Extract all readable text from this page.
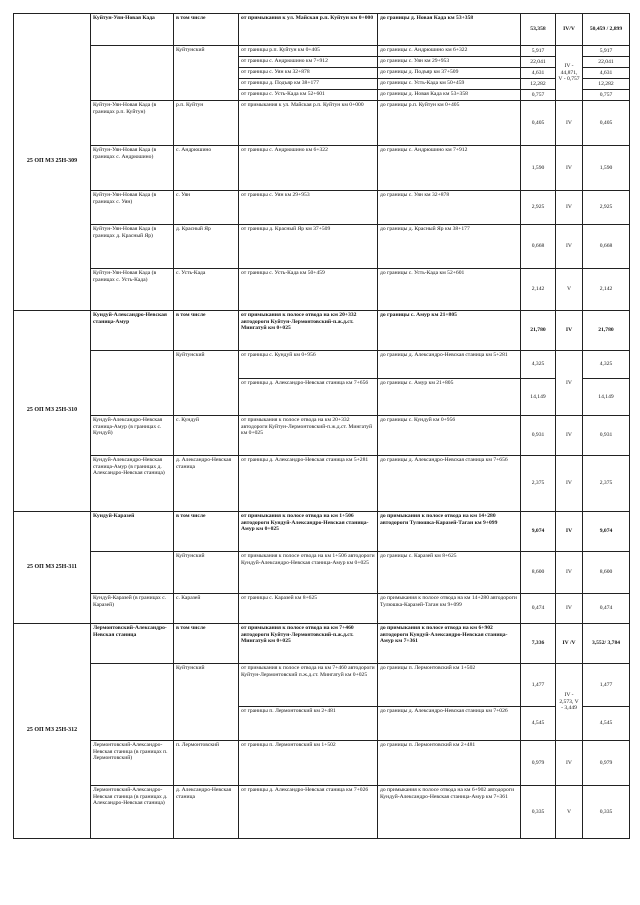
25 ОП МЗ 25Н-309	Куйтун-Уян-Новая Када	в том числе	от примыкания к ул. Майская р.п. Куйтун км 0+000	до границы д. Новая Када км 53+358	53,358	IV/V	50,459 / 2,899
		Куйтунский	от границы р.п. Куйтун км 0+405	до границы с. Андрюшино км 6+322	5,917	IV - 44,871, V - 0,757	5,917
			от границы с. Андрюшино км 7+912	до границы с. Уян км 29+953	22,041		22,041
			от границы с. Уян км 32+878	до границы д. Подъяр км 37+509	4,631		4,631
			от границы д. Подъяр км 38+177	до границы с. Усть-Када км 50+459	12,282		12,282
			от границы с. Усть-Када км 52+601	до границы д. Новая Када км 53+358	0,757		0,757
	Куйтун-Уян-Новая Када (в границах р.п. Куйтун)	р.п. Куйтун	от примыкания к ул. Майская р.п. Куйтун км 0+000	до границы р.п. Куйтун км 0+405	0,405	IV	0,405
	Куйтун-Уян-Новая Када (в границах с. Андрюшино)	с. Андрюшино	от границы с. Андрюшино км 6+322	до границы с. Андрюшино км 7+912	1,590	IV	1,590
	Куйтун-Уян-Новая Када (в границах с. Уян)	с. Уян	от границы с. Уян км 29+953	до границы с. Уян км 32+878	2,925	IV	2,925
	Куйтун-Уян-Новая Када (в границах д. Красный Яр)	д. Красный Яр	от границы д. Красный Яр км 37+509	до границы д. Красный Яр км 38+177	0,668	IV	0,668
	Куйтун-Уян-Новая Када (в границах с. Усть-Када)	с. Усть-Када	от границы с. Усть-Када км 50+459	до границы с. Усть-Када км 52+601	2,142	V	2,142
25 ОП МЗ 25Н-310	Кундуй-Александро-Невская станица-Амур	в том числе	от примыкания к полосе отвода на км 20+332 автодороги Куйтун-Лермонтовский-п.ж.д.ст. Мингатуй км 0+025	до границы с. Амур км 21+805	21,780	IV	21,780
		Куйтунский	от границы с. Кундуй км 0+956	до границы д. Александро-Невская станица км 5+281	4,325	IV	4,325
			от границы д. Александро-Невская станица км 7+656	до границы с. Амур км 21+805	14,149		14,149
	Кундуй-Александро-Невская станица-Амур (в границах с. Кундуй)	с. Кундуй	от примыкания к полосе отвода на км 20+332 автодороги Куйтун-Лермонтовский-п.ж.д.ст. Мингатуй км 0+025	до границы с. Кундуй км 0+956	0,931	IV	0,931
	Кундуй-Александро-Невская станица-Амур (в границах д. Александро-Невская станица)	д. Александро-Невская станица	от границы д. Александро-Невская станица км 5+281	до границы д. Александро-Невская станица км 7+656	2,375	IV	2,375
25 ОП МЗ 25Н-311	Кундуй-Каразей	в том числе	от примыкания к полосе отвода на км 1+506 автодороги Кундуй-Александро-Невская станица-Амур км 0+025	до примыкания к полосе отвода на км 14+280 автодороги Тулюшка-Каразей-Таган км 9+099	9,074	IV	9,074
		Куйтунский	от примыкания к полосе отвода на км 1+506 автодороги Кундуй-Александро-Невская станица-Амур км 0+025	до границы с. Каразей км 8+625	8,600	IV	8,600
	Кундуй-Каразей (в границах с. Каразей)	с. Каразей	от границы с. Каразей км 8+625	до примыкания к полосе отвода на км 14+280 автодороги Тулюшка-Каразей-Таган км 9+099	0,474	IV	0,474
25 ОП МЗ 25Н-312	Лермонтовский-Александро-Невская станица	в том числе	от примыкания к полосе отвода на км 7+460 автодороги Куйтун-Лермонтовский-п.ж.д.ст. Мингатуй км 0+025	до примыкания к полосе отвода на км 6+902 автодороги Кундуй-Александро-Невская станица-Амур км 7+361	7,336	IV /V	3,552/ 3,784
		Куйтунский	от примыкания к полосе отвода на км 7+460 автодороги Куйтун-Лермонтовский п.ж.д.ст. Мингатуй км 0+025	до границы п. Лермонтовский км 1+502	1,477	IV - 2,573, V - 3,449	1,477
			от границы п. Лермонтовский км 2+481	до границы д. Александро-Невская станица км 7+026	4,545		4,545
	Лермонтовский-Александро-Невская станица (в границах п. Лермонтовский)	п. Лермонтовский	от границы п. Лермонтовский км 1+502	до границы п. Лермонтовский км 2+481	0,979	IV	0,979
	Лермонтовский-Александро-Невская станица (в границах д. Александро-Невская станица)	д. Александро-Невская станица	от границы д. Александро-Невская станица км 7+026	до примыкания к полосе отвода на км 6+902 автодороги Кундуй-Александро-Невская станица-Амур км 7+361	0,335	V	0,335
